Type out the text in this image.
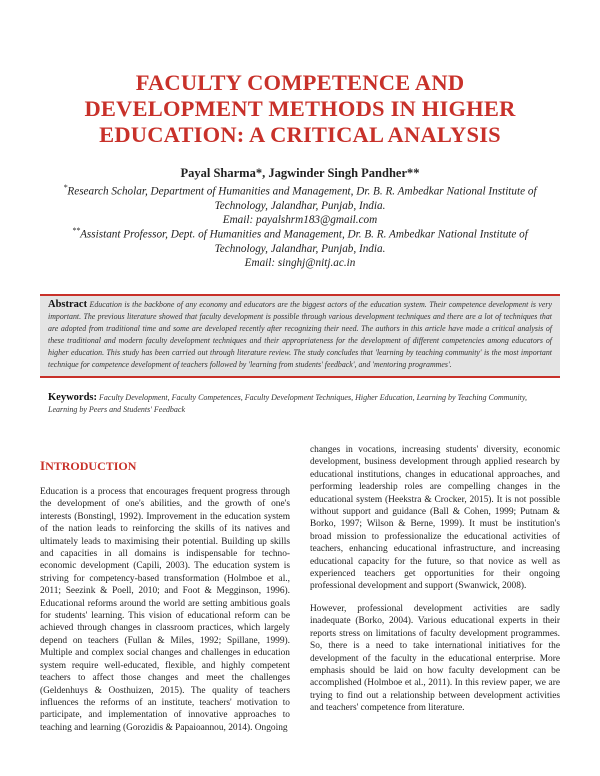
FACULTY COMPETENCE AND
DEVELOPMENT METHODS IN HIGHER
EDUCATION: A CRITICAL ANALYSIS
Payal Sharma*, Jagwinder Singh Pandher**
*Research Scholar, Department of Humanities and Management, Dr. B. R. Ambedkar National Institute of
Technology, Jalandhar, Punjab, India.
Email: payalshrm183@gmail.com
**Assistant Professor, Dept. of Humanities and Management, Dr. B. R. Ambedkar National Institute of
Technology, Jalandhar, Punjab, India.
Email: singhj@nitj.ac.in
Abstract Education is the backbone of any economy and educators are the biggest actors of the education system. Their competence development is very important. The previous literature showed that faculty development is possible through various development techniques and there are a lot of techniques that are adopted from traditional time and some are developed recently after recognizing their need. The authors in this article have made a critical analysis of these traditional and modern faculty development techniques and their appropriateness for the development of different competencies among educators of higher education. This study has been carried out through literature review. The study concludes that 'learning by teaching community' is the most important technique for competence development of teachers followed by 'learning from students' feedback', and 'mentoring programmes'.
Keywords: Faculty Development, Faculty Competences, Faculty Development Techniques, Higher Education, Learning by Teaching Community, Learning by Peers and Students' Feedback
INTRODUCTION

Education is a process that encourages frequent progress through the development of one's abilities, and the growth of one's interests (Bonstingl, 1992). Improvement in the education system of the nation leads to reinforcing the skills of its natives and ultimately leads to maximising their potential. Building up skills and capacities in all domains is indispensable for techno-economic development (Capili, 2003). The education system is striving for competency-based transformation (Holmboe et al., 2011; Seezink & Poell, 2010; and Foot & Megginson, 1996). Educational reforms around the world are setting ambitious goals for students' learning. This vision of educational reform can be achieved through changes in classroom practices, which largely depend on teachers (Fullan & Miles, 1992; Spillane, 1999). Multiple and complex social changes and challenges in education system require well-educated, flexible, and highly competent teachers to affect those changes and meet the challenges (Geldenhuys & Oosthuizen, 2015). The quality of teachers influences the reforms of an institute, teachers' motivation to participate, and implementation of innovative approaches to teaching and learning (Gorozidis & Papaioannou, 2014). Ongoing

changes in vocations, increasing students' diversity, economic development, business development through applied research by educational institutions, changes in educational approaches, and performing leadership roles are compelling changes in the educational system (Heekstra & Crocker, 2015). It is not possible without support and guidance (Ball & Cohen, 1999; Putnam & Borko, 1997; Wilson & Berne, 1999). It must be institution's broad mission to professionalize the educational activities of teachers, enhancing educational infrastructure, and increasing educational capacity for the future, so that novice as well as experienced teachers get opportunities for their ongoing professional development and support (Swanwick, 2008).

However, professional development activities are sadly inadequate (Borko, 2004). Various educational experts in their reports stress on limitations of faculty development programmes. So, there is a need to take international initiatives for the development of the faculty in the educational enterprise. More emphasis should be laid on how faculty development can be accomplished (Holmboe et al., 2011). In this review paper, we are trying to find out a relationship between development activities and teachers' competence from literature.
